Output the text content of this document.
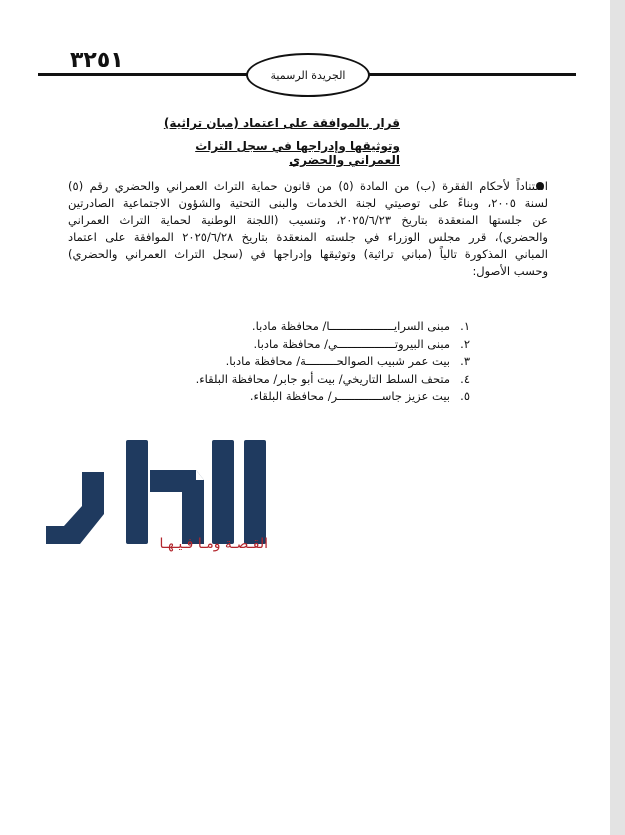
٣٢٥١
الجريدة الرسمية
قرار بالموافقة على اعتماد (مبان تراثية)
وتوثيقها وإدراجها في سجل التراث العمراني والحضري
استناداً لأحكام الفقرة (ب) من المادة (٥) من قانون حماية التراث العمراني والحضري رقم (٥)
لسنة ٢٠٠٥، وبناءً على توصيتي لجنة الخدمات والبنى التحتية والشؤون الاجتماعية الصادرتين
عن جلستها المنعقدة بتاريخ ٢٠٢٥/٦/٢٣، وتنسيب (اللجنة الوطنية لحماية التراث العمراني
والحضري)، قرر مجلس الوزراء في جلسته المنعقدة بتاريخ ٢٠٢٥/٦/٢٨ الموافقة على اعتماد
المباني المذكورة تالياً (مباني تراثية) وتوثيقها وإدراجها في (سجل التراث العمراني والحضري)
وحسب الأصول:
١.
مبنى السرايـــــــــــــــــــا/ محافظة مادبا.
٢.
مبنى البيروتـــــــــــــــــي/ محافظة مادبا.
٣.
بيت عمر شبيب الصوالحـــــــــة/ محافظة مادبا.
٤.
متحف السلط التاريخي/ بيت أبو جابر/ محافظة البلقاء.
٥.
بيت عزيز جاســـــــــــــر/ محافظة البلقاء.
القـصـة ومـا فـيـهـا
